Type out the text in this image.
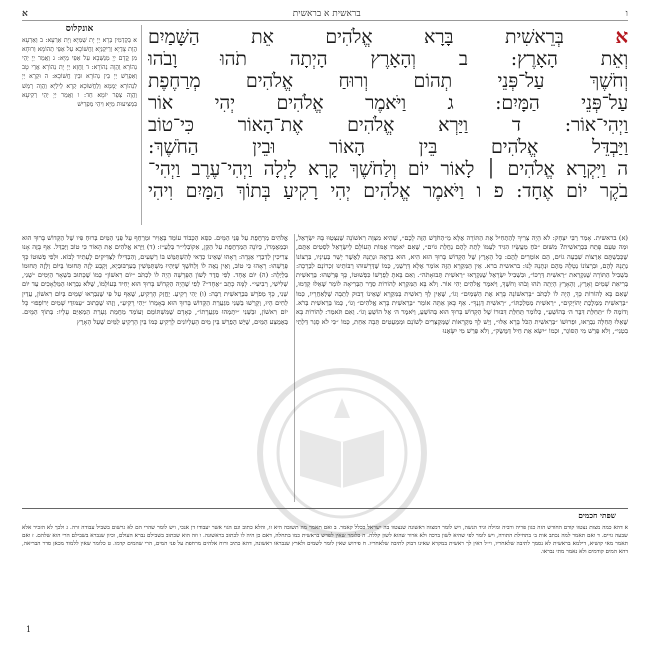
א	בראשית א בראשית	ו
אונקלוס
א בְּקַדְמִין בְּרָא יְיָ יָת שְׁמַיָּא וְיָת אַרְעָא: ב וְאַרְעָא הֲוָת צָדְיָא וְרֵיקַנְיָא וַחֲשׁוֹכָא עַל אַפֵּי תְהוֹמָא וְרוּחָא מִן קֳדָם יְיָ מְנַשְּׁבָא עַל אַפֵּי מַיָּא: ג וַאֲמַר יְיָ יְהֵי נְהוֹרָא וַהֲוָה נְהוֹרָא: ד וַחֲזָא יְיָ יָת נְהוֹרָא אֲרֵי טָב וְאַפְרֵשׁ יְיָ בֵּין נְהוֹרָא וּבֵין חֲשׁוֹכָא: ה וּקְרָא יְיָ לִנְהוֹרָא יְמָמָא וְלַחֲשׁוֹכָא קְרָא לֵילְיָא וַהֲוָה רְמַשׁ וַהֲוָה צְפַר יוֹמָא חַד: ו וַאֲמַר יְיָ יְהֵי רְקִיעָא בִּמְצִיעוּת מַיָּא וִיהֵי מַפְרֵישׁ
א בְּרֵאשִׁית בָּרָא אֱלֹהִים אֵת הַשָּׁמַיִם
וְאֵת הָאָרֶץ: ב וְהָאָרֶץ הָיְתָה תֹהוּ וָבֹהוּ
וְחֹשֶׁךְ עַל־פְּנֵי תְהוֹם וְרוּחַ אֱלֹהִים מְרַחֶפֶת
עַל־פְּנֵי הַמָּיִם: ג וַיֹּאמֶר אֱלֹהִים יְהִי אוֹר
וַיְהִי־אוֹר: ד וַיַּרְא אֱלֹהִים אֶת־הָאוֹר כִּי־טוֹב
וַיַּבְדֵּל אֱלֹהִים בֵּין הָאוֹר וּבֵין הַחֹשֶׁךְ:
ה וַיִּקְרָא אֱלֹהִים ׀ לָאוֹר יוֹם וְלַחֹשֶׁךְ קָרָא לָיְלָה וַיְהִי־עֶרֶב וַיְהִי־
בֹקֶר יוֹם אֶחָד: פ ו וַיֹּאמֶר אֱלֹהִים יְהִי רָקִיעַ בְּתוֹךְ הַמָּיִם וִיהִי
(א) בראשית. אָמַר רַבִּי יִצְחָק: לֹא הָיָה צָרִיךְ לְהַתְחִיל אֶת הַתּוֹרָה אֶלָּא מֵ״הַחֹדֶשׁ הַזֶּה לָכֶם״, שֶׁהִיא מִצְוָה רִאשׁוֹנָה שֶׁנִּצְטַוּוּ בָּהּ יִשְׂרָאֵל, וּמַה טַּעַם פָּתַח בִּבְרֵאשִׁית? מִשּׁוּם ״כֹּחַ מַעֲשָׂיו הִגִּיד לְעַמּוֹ לָתֵת לָהֶם נַחֲלַת גּוֹיִם״, שֶׁאִם יֹאמְרוּ אֻמּוֹת הָעוֹלָם לְיִשְׂרָאֵל לִסְטִים אַתֶּם, שֶׁכְּבַשְׁתֶּם אַרְצוֹת שִׁבְעָה גוֹיִם, הֵם אוֹמְרִים לָהֶם: כָּל הָאָרֶץ שֶׁל הַקָּדוֹשׁ בָּרוּךְ הוּא הִיא, הוּא בְרָאָהּ וּנְתָנָהּ לַאֲשֶׁר יָשַׁר בְּעֵינָיו, בִּרְצוֹנוֹ נְתָנָהּ לָהֶם, וּבִרְצוֹנוֹ נְטָלָהּ מֵהֶם וּנְתָנָהּ לָנוּ: בראשית ברא. אֵין הַמִּקְרָא הַזֶּה אוֹמֵר אֶלָּא דָּרְשֵׁנִי, כְּמוֹ שֶׁדְּרָשׁוּהוּ רַבּוֹתֵינוּ זִכְרוֹנָם לִבְרָכָה: בִּשְׁבִיל הַתּוֹרָה שֶׁנִּקְרֵאת ״רֵאשִׁית דַּרְכּוֹ״, וּבִשְׁבִיל יִשְׂרָאֵל שֶׁנִּקְרְאוּ ״רֵאשִׁית תְּבוּאָתֹה״. וְאִם בָּאתָ לְפָרְשׁוֹ כִּפְשׁוּטוֹ, כָּךְ פָּרְשֵׁהוּ: בְּרֵאשִׁית בְּרִיאַת שָׁמַיִם וָאָרֶץ, וְהָאָרֶץ הָיְתָה תֹהוּ וָבֹהוּ וְחֹשֶׁךְ, וַיֹּאמֶר אֱלֹהִים יְהִי אוֹר. וְלֹא בָּא הַמִּקְרָא לְהוֹרוֹת סֵדֶר הַבְּרִיאָה לוֹמַר שֶׁאֵלּוּ קָדְמוּ, שֶׁאִם בָּא לְהוֹרוֹת כָּךְ, הָיָה לוֹ לִכְתֹּב ״בָּרִאשׁוֹנָה בָּרָא אֶת הַשָּׁמַיִם״ וְגוֹ׳, שֶׁאֵין לְךָ רֵאשִׁית בַּמִּקְרָא שֶׁאֵינוֹ דָבוּק לְתֵבָה שֶׁלְּאַחֲרָיו, כְּמוֹ ״בְּרֵאשִׁית מַמְלֶכֶת יְהוֹיָקִים״, ״רֵאשִׁית מַמְלַכְתּוֹ״, ״רֵאשִׁית דְּגָנְךָ״. אַף כָּאן אַתָּה אוֹמֵר ״בְּרֵאשִׁית בָּרָא אֱלֹהִים״ וְגוֹ׳, כְּמוֹ בְּרֵאשִׁית בְּרֹא. וְדוֹמֶה לוֹ ״תְּחִלַּת דִּבֶּר ה׳ בְּהוֹשֵׁעַ״, כְּלוֹמַר תְּחִלַּת דִּבּוּרוֹ שֶׁל הַקָּדוֹשׁ בָּרוּךְ הוּא בְּהוֹשֵׁעַ, וַיֹּאמֶר ה׳ אֶל הוֹשֵׁעַ וְגוֹ׳. וְאִם תֹּאמַר: לְהוֹרוֹת בָּא שֶׁאֵלּוּ תְּחִלָּה נִבְרְאוּ, וּפֵרוּשׁוֹ ״בְּרֵאשִׁית הַכֹּל בָּרָא אֵלּוּ״, וְיֵשׁ לְךָ מִקְרָאוֹת שֶׁמְּקַצְּרִים לְשׁוֹנָם וּמְמַעֲטִים תֵּבָה אַחַת, כְּמוֹ ״כִּי לֹא סָגַר דַּלְתֵי בִטְנִי״, וְלֹא פֵּרֵשׁ מִי הַסּוֹגֵר, וּכְמוֹ ״יִשָּׂא אֶת חֵיל דַּמֶּשֶׂק״, וְלֹא פֵּרֵשׁ מִי יִשָּׂאֶנּוּ
אֱלֹהִים מְרַחֶפֶת עַל פְּנֵי הַמָּיִם. כִּסֵּא הַכָּבוֹד עוֹמֵד בָּאֲוִיר וּמְרַחֵף עַל פְּנֵי הַמַּיִם בְּרוּחַ פִּיו שֶׁל הַקָּדוֹשׁ בָּרוּךְ הוּא וּבְמַאֲמָרוֹ, כְּיוֹנָה הַמְרַחֶפֶת עַל הַקֵּן, אַקוֹבְלִי״ר בְּלַעַ״ז: (ד) וַיַּרְא אֱלֹהִים אֶת הָאוֹר כִּי טוֹב וַיַּבְדֵּל. אַף בָּזֶה אָנוּ צְרִיכִין לְדִבְרֵי אַגָּדָה: רָאָהוּ שֶׁאֵינוֹ כְדַאי לְהִשְׁתַּמֵּשׁ בּוֹ רְשָׁעִים, וְהִבְדִּילוֹ לַצַּדִּיקִים לֶעָתִיד לָבוֹא. וּלְפִי פְשׁוּטוֹ כָּךְ פָּרְשֵׁהוּ: רָאָהוּ כִּי טוֹב, וְאֵין נָאֶה לוֹ וְלַחֹשֶׁךְ שֶׁיִּהְיוּ מִשְׁתַּמְּשִׁין בְּעִרְבּוּבְיָא, וְקָבַע לָזֶה תְּחוּמוֹ בַּיּוֹם וְלָזֶה תְּחוּמוֹ בַּלַּיְלָה: (ה) יוֹם אֶחָד. לְפִי סֵדֶר לְשׁוֹן הַפָּרָשָׁה הָיָה לוֹ לִכְתֹּב ״יוֹם רִאשׁוֹן״ כְּמוֹ שֶׁכָּתוּב בִּשְׁאָר הַיָּמִים ״שֵׁנִי, שְׁלִישִׁי, רְבִיעִי״. לָמָּה כָתַב ״אֶחָד״? לְפִי שֶׁהָיָה הַקָּדוֹשׁ בָּרוּךְ הוּא יָחִיד בְּעוֹלָמוֹ, שֶׁלֹּא נִבְרְאוּ הַמַּלְאָכִים עַד יוֹם שֵׁנִי, כָּךְ מְפֹרָשׁ בִּבְרֵאשִׁית רַבָּה: (ו) יְהִי רָקִיעַ. יֶחֱזַק הָרָקִיעַ, שֶׁאַף עַל פִּי שֶׁנִּבְרְאוּ שָׁמַיִם בְּיוֹם רִאשׁוֹן, עֲדַיִן לַחִים הָיוּ, וְקָרְשׁוּ בַשֵּׁנִי מִגַּעֲרַת הַקָּדוֹשׁ בָּרוּךְ הוּא בְּאָמְרוֹ ״יְהִי רָקִיעַ״, וְזֶהוּ שֶׁכָּתוּב ״עַמּוּדֵי שָׁמַיִם יְרוֹפָפוּ״ כָּל יוֹם רִאשׁוֹן, וּבַשֵּׁנִי ״יִתְמְהוּ מִגַּעֲרָתוֹ״, כְּאָדָם שֶׁמִּשְׁתּוֹמֵם וְעוֹמֵד מֵחֲמַת גְּעָרַת הַמְאַיֵּם עָלָיו: בְּתוֹךְ הַמָּיִם. בְּאֶמְצַע הַמַּיִם, שֶׁיֵּשׁ הֶפְרֵשׁ בֵּין מַיִם הָעֶלְיוֹנִים לָרָקִיעַ כְּמוֹ בֵּין הָרָקִיעַ לַמַּיִם שֶׁעַל הָאָרֶץ
שפתי חכמים
א דהא כמה מצות נצטוו קודם החודש הזה כגון פריה ורביה ומילה וגיד הנשה, ויש לומר דמצוה ראשונה שנצטוו בה ישראל ככלל קאמר. ב ואם תאמר מה תשובה היא זו, והלא כתוב וגם הגוי אשר יעבודו דן אנכי, ויש לומר שהרי הם לא גרשום בשביל עבודה זרה. ג ולכך לא הזכיר אלא שבעה גויים. ד ואם תאמר למה נכתב אות ב׳ בתחילת התורה, ויש לומר לפי שהיא לשון ברכה ולא ארור שהוא לשון קללה. ה כלומר שאין לפרש בראשית כמו בתחלה, דאם כן היה לו לכתוב בראשונה. ו וזה הוא שכתוב בשבילם נברא העולם, וכיון שנברא בשבילם הרי הוא שלהם. ז ואם תאמר מאי קושיא, דילמא בראשית לא נסמך לתיבה שלאחריו, וי״ל דאין לך ראשית במקרא שאינו דבוק לתיבה שלאחריו. ח פירוש שאין לומר לשמים ולארץ שנבראו ראשונה, דהא כתיב ורוח אלהים מרחפת על פני המים, הרי שהמים קדמו. ט כלומר שאין ללמוד מכאן סדר הבריאה, דהא המים קודמים ולא נאמר מתי נבראו.
1
